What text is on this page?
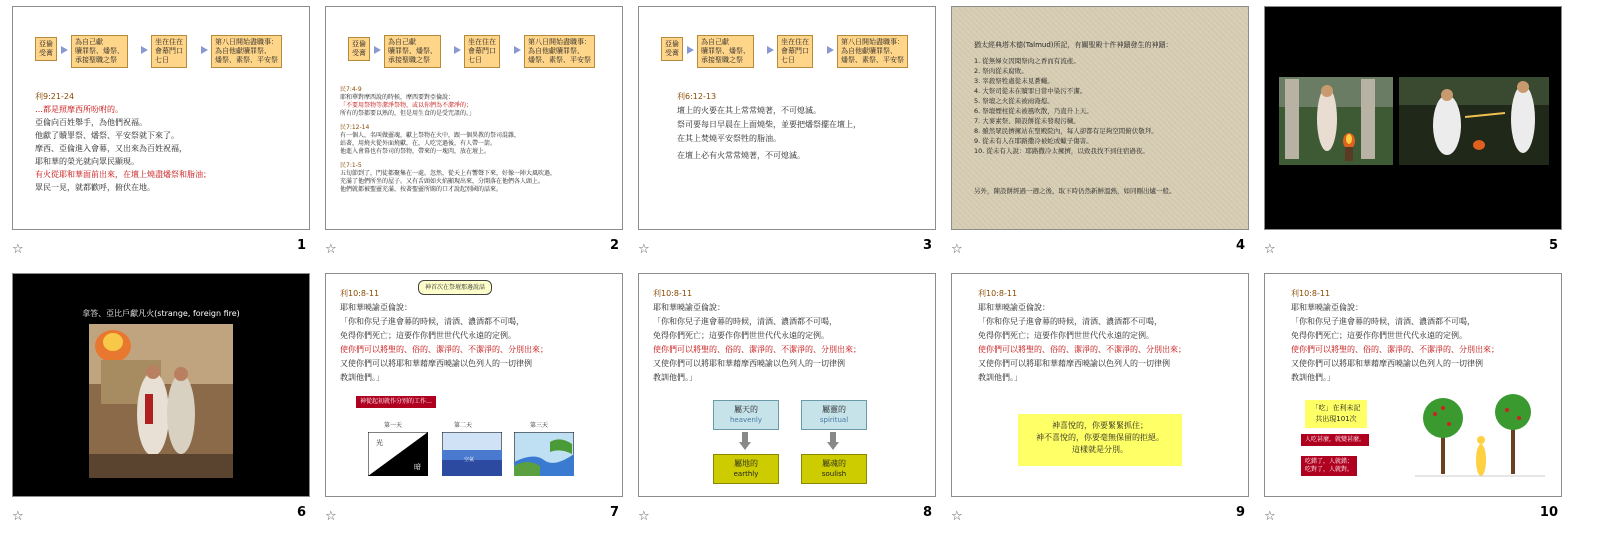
亞倫
受膏
為自己獻
贖罪祭、燔祭、
承接聖職之祭
坐在住在
會幕門口
七日
第八日開始盡職事：
為自他獻贖罪祭、
燔祭、素祭、平安祭
利9:21-24
…都是照摩西所吩咐的。
亞倫向百姓舉手，為他們祝福。
他獻了贖罪祭、燔祭、平安祭就下來了。
摩西、亞倫進入會幕，又出來為百姓祝福，
耶和華的榮光就向眾民顯現。
有火從耶和華面前出來，在壇上燒盡燔祭和脂油；
眾民一見，就都歡呼，俯伏在地。
☆	1
亞倫
受膏
為自己獻
贖罪祭、燔祭、
承接聖職之祭
坐在住在
會幕門口
七日
第八日開始盡職事：
為自他獻贖罪祭、
燔祭、素祭、平安祭
民7:4-9
耶和華對摩西說的時候，摩西要對亞倫說：
「不要用祭物等潔淨祭物，或以你們為不潔淨的；
所有的祭都要以熟的，但是用生食的是受咒詛的。」
民7:12-14
有一個人，名叫做靈魂，獻上祭物在火中，跟一個異教的祭司混雜，
站著，用燒火從外面燒獻，在，人吃完過後，有人帶一箭。
他進入會幕也有祭司的祭物，帶來的一塊肉，放在壇上。
民7:1-5
五旬節到了，門徒都聚集在一處。忽然，從天上有響聲下來，好像一陣大風吹過，
充滿了他們所坐的屋子。又有舌頭如火焰顯現出來，分開落在他們各人頭上。
他們就都被聖靈充滿，按著聖靈所賜的口才說起別國的話來。
☆	2
亞倫
受膏
為自己獻
贖罪祭、燔祭、
承接聖職之祭
坐在住在
會幕門口
七日
第八日開始盡職事：
為自他獻贖罪祭、
燔祭、素祭、平安祭
利6:12-13
壇上的火要在其上常常燒著，不可熄滅。
祭司要每日早晨在上面燒柴，並要把燔祭擺在壇上，
在其上焚燒平安祭牲的脂油。
在壇上必有火常常燒著，不可熄滅。
☆	3
猶太經典塔木德(Talmud)所記，有關聖殿十件神蹟發生的神蹟：
1. 從無婦女因聞祭肉之香而有流產。
2. 祭肉從未腐敗。
3. 宰殺祭牲處從未見蒼蠅。
4. 大祭司從未在贖罪日當中染污不潔。
5. 祭壇之火從未被雨淹熄。
6. 祭壇煙柱從未被風吹散，乃直升上天。
7. 大麥素祭、陳設餅從未發現污穢。
8. 雖然眾民擠擁站在聖殿院內，每人卻都有足夠空間俯伏敬拜。
9. 從未有人在耶路撒冷被蛇或蠍子傷害。
10. 從未有人說：耶路撒冷太擁擠，以致我找不到住宿過夜。
另外，陳設餅經過一週之後，取下時仍然新鮮溫熱，如同剛出爐一般。
☆	4 ☆	5
拿答、亞比戶獻凡火(strange, foreign fire)
☆	6
利10:8-11
耶和華曉諭亞倫說：
「你和你兒子進會幕的時候，清酒、濃酒都不可喝，
免得你們死亡；這要作你們世世代代永遠的定例。
使你們可以將聖的、俗的、潔淨的、不潔淨的、分別出來；
又使你們可以將耶和華藉摩西曉諭以色列人的一切律例
教訓他們。」
神首次在祭壇那邊說話
神從起初就作分別的工作…
第一天	第二天	第三天
光
暗
空氣
☆	7
利10:8-11
耶和華曉諭亞倫說：
「你和你兒子進會幕的時候，清酒、濃酒都不可喝，
免得你們死亡；這要作你們世世代代永遠的定例。
使你們可以將聖的、俗的、潔淨的、不潔淨的、分別出來；
又使你們可以將耶和華藉摩西曉諭以色列人的一切律例
教訓他們。」
屬天的
heavenly
屬靈的
spiritual
屬地的
earthly
屬魂的
soulish
☆	8
利10:8-11
耶和華曉諭亞倫說：
「你和你兒子進會幕的時候，清酒、濃酒都不可喝，
免得你們死亡；這要作你們世世代代永遠的定例。
使你們可以將聖的、俗的、潔淨的、不潔淨的、分別出來；
又使你們可以將耶和華藉摩西曉諭以色列人的一切律例
教訓他們。」
神喜悅的，你要緊緊抓住；
神不喜悅的，你要毫無保留的拒絕。
這樣就是分別。
☆	9
利10:8-11
耶和華曉諭亞倫說：
「你和你兒子進會幕的時候，清酒、濃酒都不可喝，
免得你們死亡；這要作你們世世代代永遠的定例。
使你們可以將聖的、俗的、潔淨的、不潔淨的、分別出來；
又使你們可以將耶和華藉摩西曉諭以色列人的一切律例
教訓他們。」
「吃」在利未記
共出現101次
人吃甚麼，就變甚麼。
吃錯了，人就錯；
吃對了，人就對。
☆	10
